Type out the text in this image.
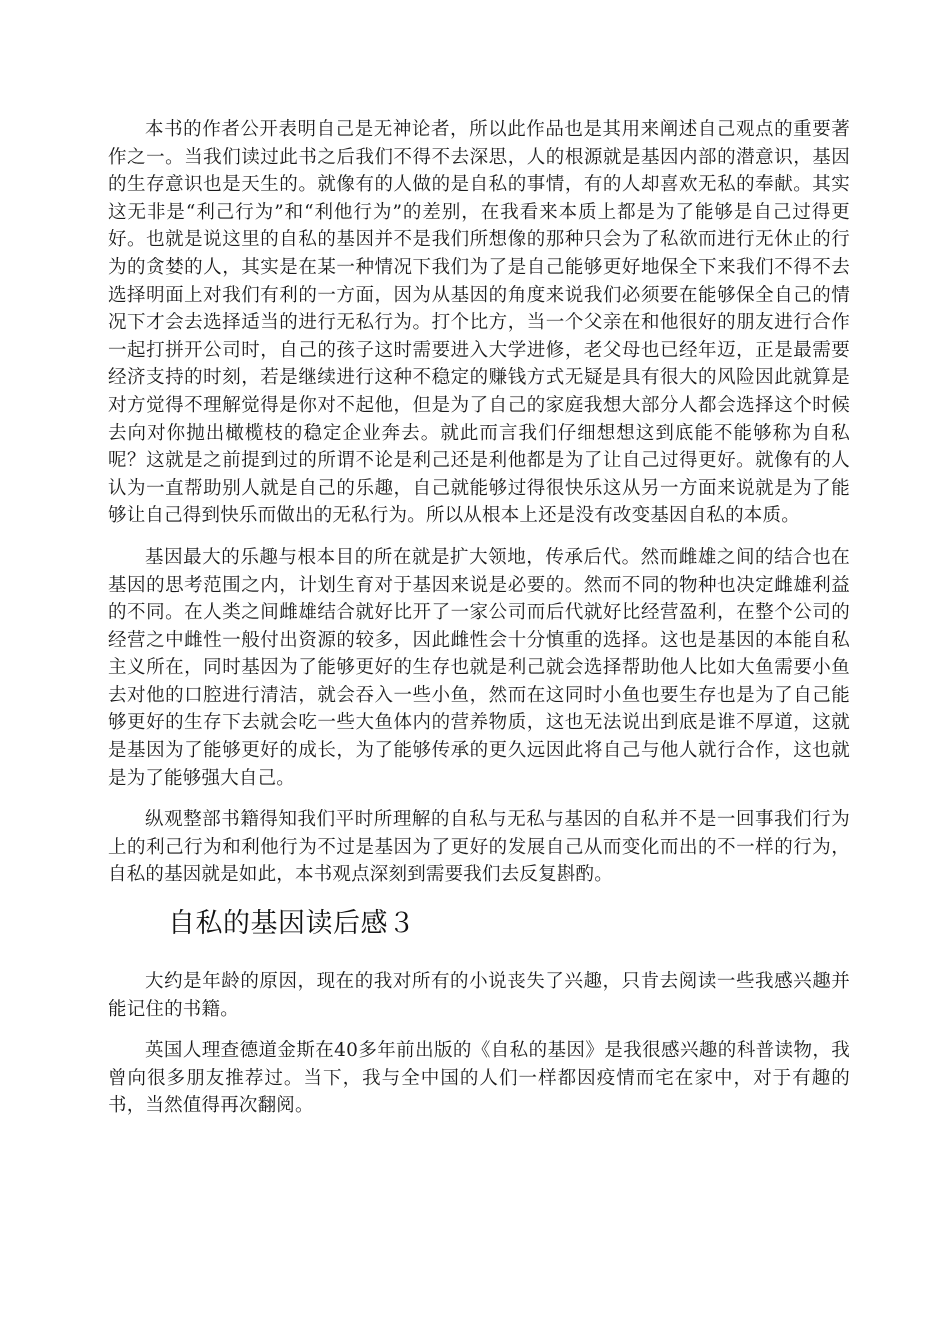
本书的作者公开表明自己是无神论者，所以此作品也是其用来阐述自己观点的重要著作之一。当我们读过此书之后我们不得不去深思，人的根源就是基因内部的潜意识，基因的生存意识也是天生的。就像有的人做的是自私的事情，有的人却喜欢无私的奉献。其实这无非是“利己行为”和“利他行为”的差别，在我看来本质上都是为了能够是自己过得更好。也就是说这里的自私的基因并不是我们所想像的那种只会为了私欲而进行无休止的行为的贪婪的人，其实是在某一种情况下我们为了是自己能够更好地保全下来我们不得不去选择明面上对我们有利的一方面，因为从基因的角度来说我们必须要在能够保全自己的情况下才会去选择适当的进行无私行为。打个比方，当一个父亲在和他很好的朋友进行合作一起打拼开公司时，自己的孩子这时需要进入大学进修，老父母也已经年迈，正是最需要经济支持的时刻，若是继续进行这种不稳定的赚钱方式无疑是具有很大的风险因此就算是对方觉得不理解觉得是你对不起他，但是为了自己的家庭我想大部分人都会选择这个时候去向对你抛出橄榄枝的稳定企业奔去。就此而言我们仔细想想这到底能不能够称为自私呢？这就是之前提到过的所谓不论是利己还是利他都是为了让自己过得更好。就像有的人认为一直帮助别人就是自己的乐趣，自己就能够过得很快乐这从另一方面来说就是为了能够让自己得到快乐而做出的无私行为。所以从根本上还是没有改变基因自私的本质。

基因最大的乐趣与根本目的所在就是扩大领地，传承后代。然而雌雄之间的结合也在基因的思考范围之内，计划生育对于基因来说是必要的。然而不同的物种也决定雌雄利益的不同。在人类之间雌雄结合就好比开了一家公司而后代就好比经营盈利，在整个公司的经营之中雌性一般付出资源的较多，因此雌性会十分慎重的选择。这也是基因的本能自私主义所在，同时基因为了能够更好的生存也就是利己就会选择帮助他人比如大鱼需要小鱼去对他的口腔进行清洁，就会吞入一些小鱼，然而在这同时小鱼也要生存也是为了自己能够更好的生存下去就会吃一些大鱼体内的营养物质，这也无法说出到底是谁不厚道，这就是基因为了能够更好的成长，为了能够传承的更久远因此将自己与他人就行合作，这也就是为了能够强大自己。

纵观整部书籍得知我们平时所理解的自私与无私与基因的自私并不是一回事我们行为上的利己行为和利他行为不过是基因为了更好的发展自己从而变化而出的不一样的行为，自私的基因就是如此，本书观点深刻到需要我们去反复斟酌。

自私的基因读后感３

大约是年龄的原因，现在的我对所有的小说丧失了兴趣，只肯去阅读一些我感兴趣并能记住的书籍。

英国人理查德道金斯在40多年前出版的《自私的基因》是我很感兴趣的科普读物，我曾向很多朋友推荐过。当下，我与全中国的人们一样都因疫情而宅在家中，对于有趣的书，当然值得再次翻阅。
